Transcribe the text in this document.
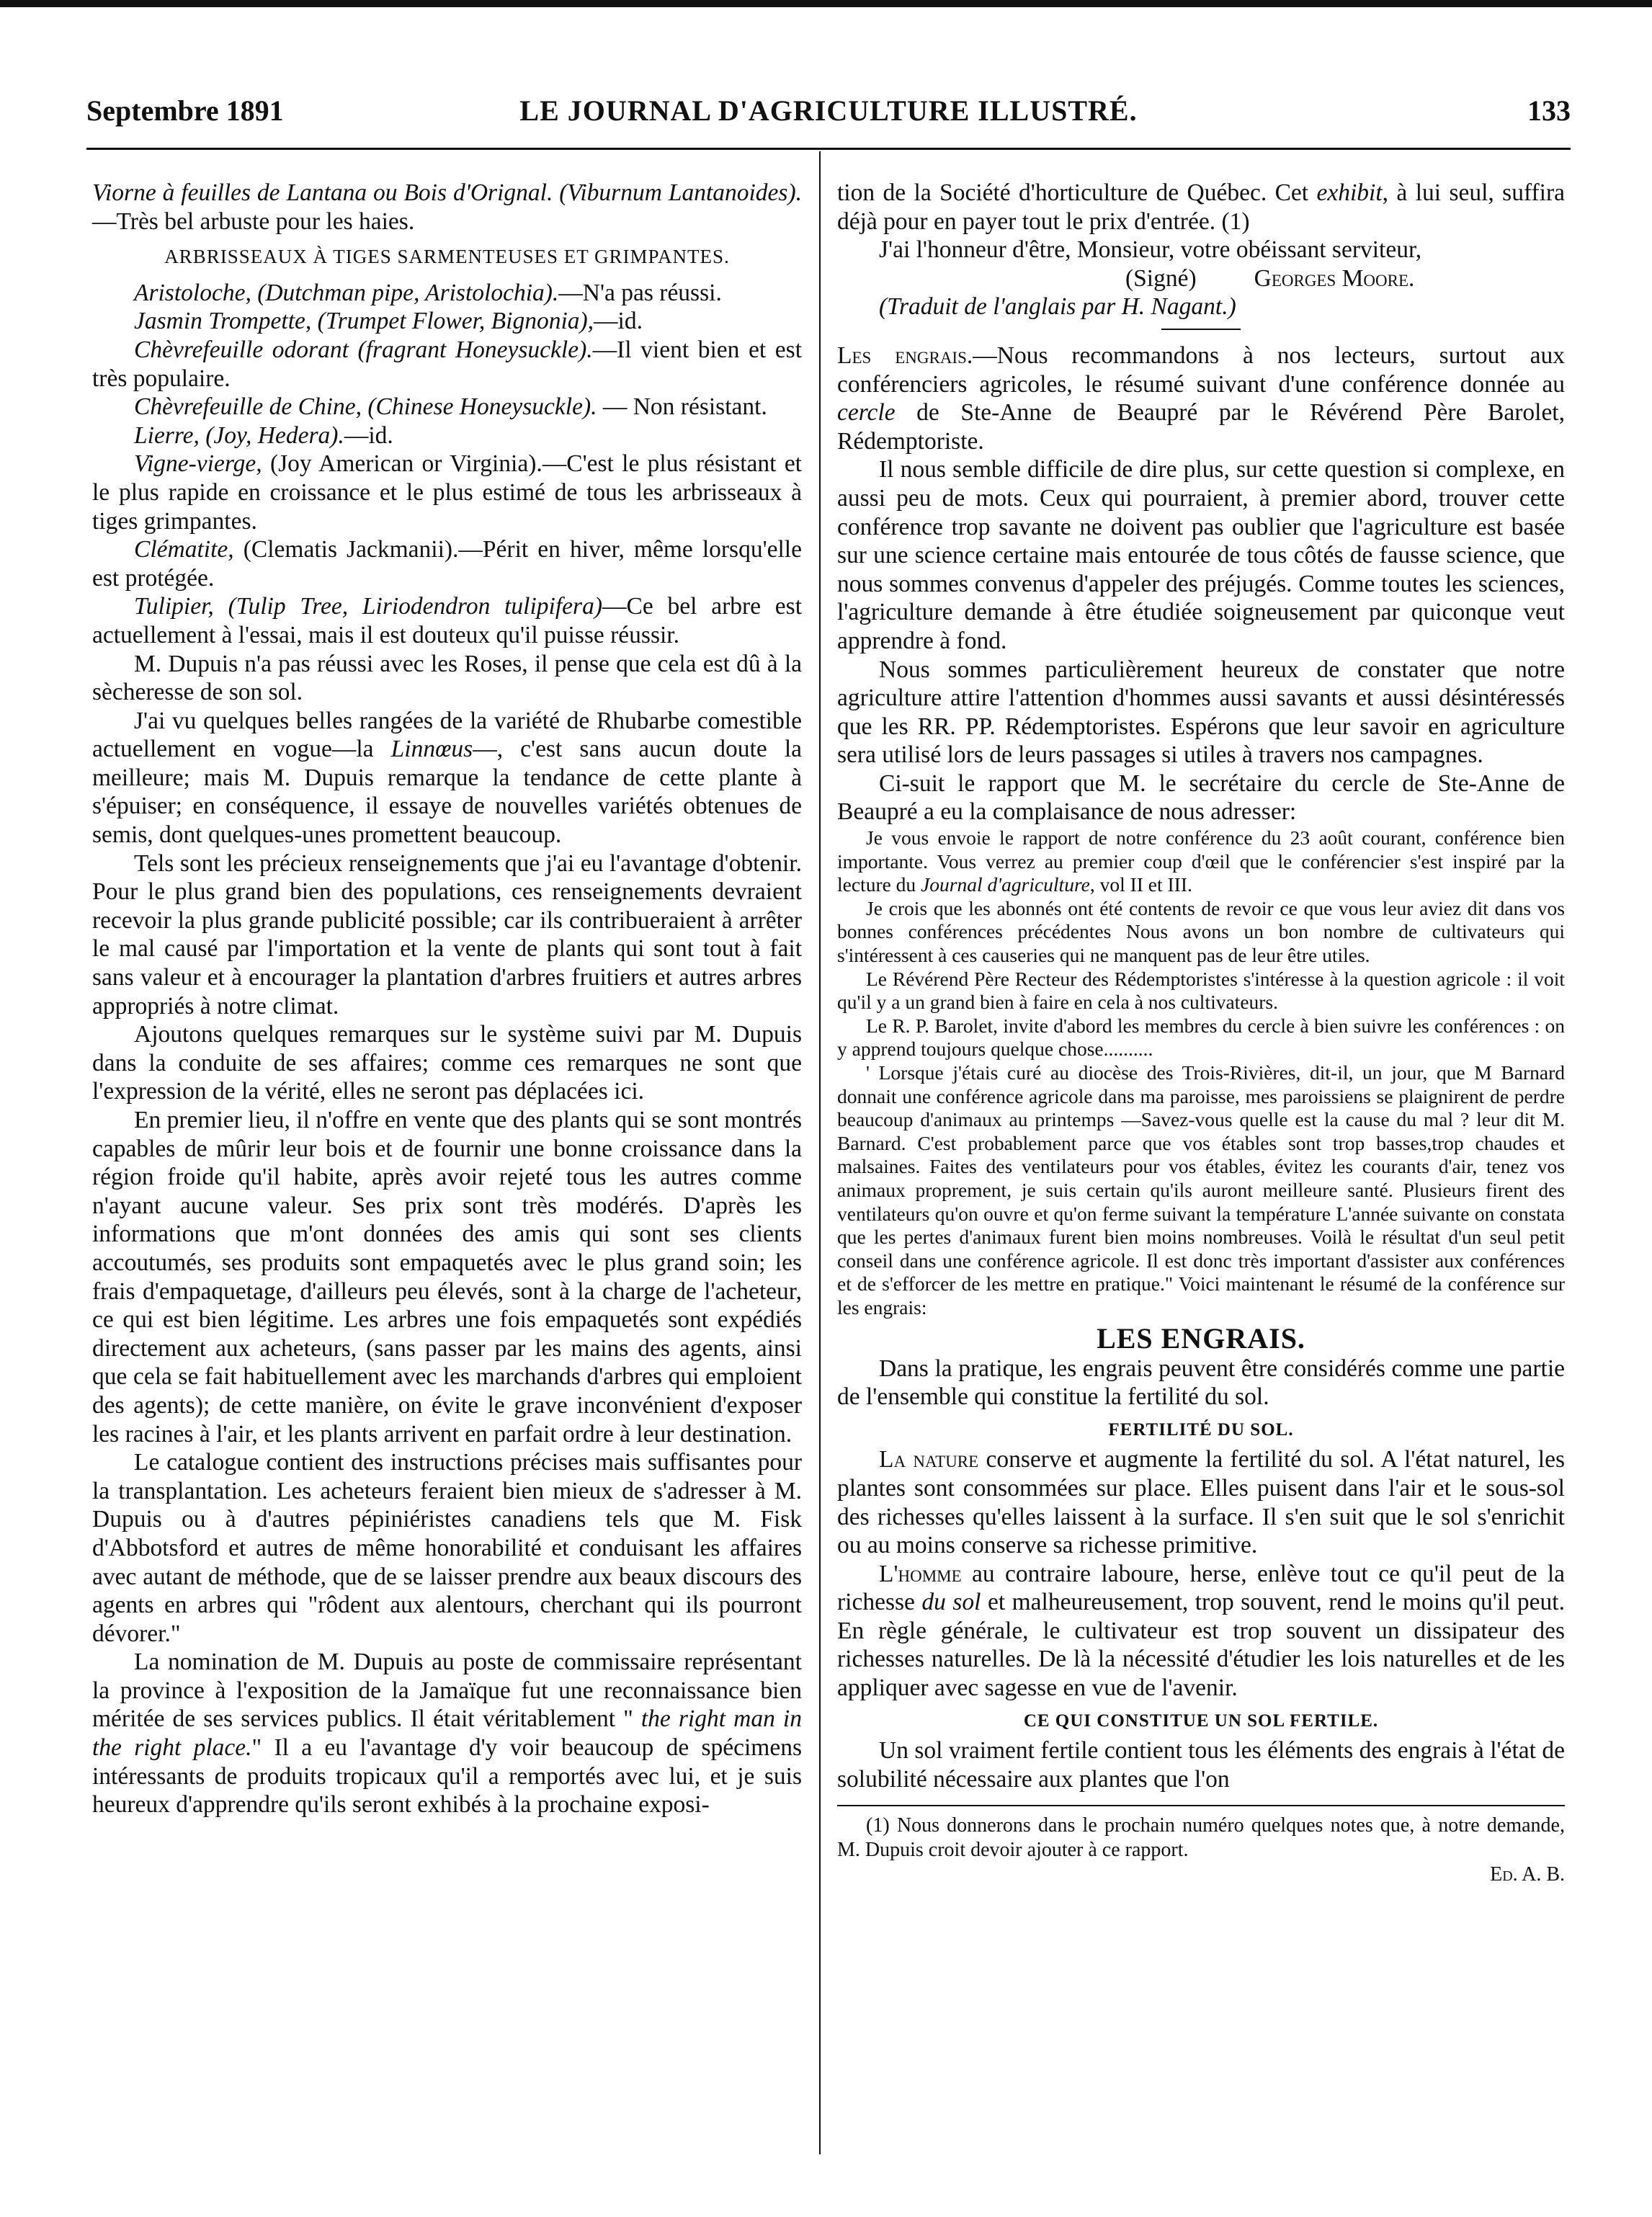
Septembre 1891	LE JOURNAL D'AGRICULTURE ILLUSTRÉ.	133

Viorne à feuilles de Lantana ou Bois d'Orignal. (Viburnum Lantanoides).—Très bel arbuste pour les haies.

ARBRISSEAUX À TIGES SARMENTEUSES ET GRIMPANTES.

Aristoloche, (Dutchman pipe, Aristolochia).—N'a pas réussi.

Jasmin Trompette, (Trumpet Flower, Bignonia),—id.

Chèvrefeuille odorant (fragrant Honeysuckle).—Il vient bien et est très populaire.

Chèvrefeuille de Chine, (Chinese Honeysuckle). — Non résistant.

Lierre, (Joy, Hedera).—id.

Vigne-vierge, (Joy American or Virginia).—C'est le plus résistant et le plus rapide en croissance et le plus estimé de tous les arbrisseaux à tiges grimpantes.

Clématite, (Clematis Jackmanii).—Périt en hiver, même lorsqu'elle est protégée.

Tulipier, (Tulip Tree, Liriodendron tulipifera)—Ce bel arbre est actuellement à l'essai, mais il est douteux qu'il puisse réussir.

M. Dupuis n'a pas réussi avec les Roses, il pense que cela est dû à la sècheresse de son sol.

J'ai vu quelques belles rangées de la variété de Rhubarbe comestible actuellement en vogue—la Linnœus—, c'est sans aucun doute la meilleure; mais M. Dupuis remarque la tendance de cette plante à s'épuiser; en conséquence, il essaye de nouvelles variétés obtenues de semis, dont quelques-unes promettent beaucoup.

Tels sont les précieux renseignements que j'ai eu l'avantage d'obtenir. Pour le plus grand bien des populations, ces renseignements devraient recevoir la plus grande publicité possible; car ils contribueraient à arrêter le mal causé par l'importation et la vente de plants qui sont tout à fait sans valeur et à encourager la plantation d'arbres fruitiers et autres arbres appropriés à notre climat.

Ajoutons quelques remarques sur le système suivi par M. Dupuis dans la conduite de ses affaires; comme ces remarques ne sont que l'expression de la vérité, elles ne seront pas déplacées ici.

En premier lieu, il n'offre en vente que des plants qui se sont montrés capables de mûrir leur bois et de fournir une bonne croissance dans la région froide qu'il habite, après avoir rejeté tous les autres comme n'ayant aucune valeur. Ses prix sont très modérés. D'après les informations que m'ont données des amis qui sont ses clients accoutumés, ses produits sont empaquetés avec le plus grand soin; les frais d'empaquetage, d'ailleurs peu élevés, sont à la charge de l'acheteur, ce qui est bien légitime. Les arbres une fois empaquetés sont expédiés directement aux acheteurs, (sans passer par les mains des agents, ainsi que cela se fait habituellement avec les marchands d'arbres qui emploient des agents); de cette manière, on évite le grave inconvénient d'exposer les racines à l'air, et les plants arrivent en parfait ordre à leur destination.

Le catalogue contient des instructions précises mais suffisantes pour la transplantation. Les acheteurs feraient bien mieux de s'adresser à M. Dupuis ou à d'autres pépiniéristes canadiens tels que M. Fisk d'Abbotsford et autres de même honorabilité et conduisant les affaires avec autant de méthode, que de se laisser prendre aux beaux discours des agents en arbres qui "rôdent aux alentours, cherchant qui ils pourront dévorer."

La nomination de M. Dupuis au poste de commissaire représentant la province à l'exposition de la Jamaïque fut une reconnaissance bien méritée de ses services publics. Il était véritablement " the right man in the right place." Il a eu l'avantage d'y voir beaucoup de spécimens intéressants de produits tropicaux qu'il a remportés avec lui, et je suis heureux d'apprendre qu'ils seront exhibés à la prochaine exposi-

tion de la Société d'horticulture de Québec. Cet exhibit, à lui seul, suffira déjà pour en payer tout le prix d'entrée. (1)

J'ai l'honneur d'être, Monsieur, votre obéissant serviteur,

(Signé) Georges Moore.

(Traduit de l'anglais par H. Nagant.)

Les engrais.—Nous recommandons à nos lecteurs, surtout aux conférenciers agricoles, le résumé suivant d'une conférence donnée au cercle de Ste-Anne de Beaupré par le Révérend Père Barolet, Rédemptoriste.

Il nous semble difficile de dire plus, sur cette question si complexe, en aussi peu de mots. Ceux qui pourraient, à premier abord, trouver cette conférence trop savante ne doivent pas oublier que l'agriculture est basée sur une science certaine mais entourée de tous côtés de fausse science, que nous sommes convenus d'appeler des préjugés. Comme toutes les sciences, l'agriculture demande à être étudiée soigneusement par quiconque veut apprendre à fond.

Nous sommes particulièrement heureux de constater que notre agriculture attire l'attention d'hommes aussi savants et aussi désintéressés que les RR. PP. Rédemptoristes. Espérons que leur savoir en agriculture sera utilisé lors de leurs passages si utiles à travers nos campagnes.

Ci-suit le rapport que M. le secrétaire du cercle de Ste-Anne de Beaupré a eu la complaisance de nous adresser:

Je vous envoie le rapport de notre conférence du 23 août courant, conférence bien importante. Vous verrez au premier coup d'œil que le conférencier s'est inspiré par la lecture du Journal d'agriculture, vol II et III.

Je crois que les abonnés ont été contents de revoir ce que vous leur aviez dit dans vos bonnes conférences précédentes Nous avons un bon nombre de cultivateurs qui s'intéressent à ces causeries qui ne manquent pas de leur être utiles.

Le Révérend Père Recteur des Rédemptoristes s'intéresse à la question agricole : il voit qu'il y a un grand bien à faire en cela à nos cultivateurs.

Le R. P. Barolet, invite d'abord les membres du cercle à bien suivre les conférences : on y apprend toujours quelque chose..........

' Lorsque j'étais curé au diocèse des Trois-Rivières, dit-il, un jour, que M Barnard donnait une conférence agricole dans ma paroisse, mes paroissiens se plaignirent de perdre beaucoup d'animaux au printemps —Savez-vous quelle est la cause du mal ? leur dit M. Barnard. C'est probablement parce que vos étables sont trop basses,trop chaudes et malsaines. Faites des ventilateurs pour vos étables, évitez les courants d'air, tenez vos animaux proprement, je suis certain qu'ils auront meilleure santé. Plusieurs firent des ventilateurs qu'on ouvre et qu'on ferme suivant la température L'année suivante on constata que les pertes d'animaux furent bien moins nombreuses. Voilà le résultat d'un seul petit conseil dans une conférence agricole. Il est donc très important d'assister aux conférences et de s'efforcer de les mettre en pratique." Voici maintenant le résumé de la conférence sur les engrais:

LES ENGRAIS.

Dans la pratique, les engrais peuvent être considérés comme une partie de l'ensemble qui constitue la fertilité du sol.

FERTILITÉ DU SOL.

La nature conserve et augmente la fertilité du sol. A l'état naturel, les plantes sont consommées sur place. Elles puisent dans l'air et le sous-sol des richesses qu'elles laissent à la surface. Il s'en suit que le sol s'enrichit ou au moins conserve sa richesse primitive.

L'homme au contraire laboure, herse, enlève tout ce qu'il peut de la richesse du sol et malheureusement, trop souvent, rend le moins qu'il peut. En règle générale, le cultivateur est trop souvent un dissipateur des richesses naturelles. De là la nécessité d'étudier les lois naturelles et de les appliquer avec sagesse en vue de l'avenir.

CE QUI CONSTITUE UN SOL FERTILE.

Un sol vraiment fertile contient tous les éléments des engrais à l'état de solubilité nécessaire aux plantes que l'on

(1) Nous donnerons dans le prochain numéro quelques notes que, à notre demande, M. Dupuis croit devoir ajouter à ce rapport.

Ed. A. B.
